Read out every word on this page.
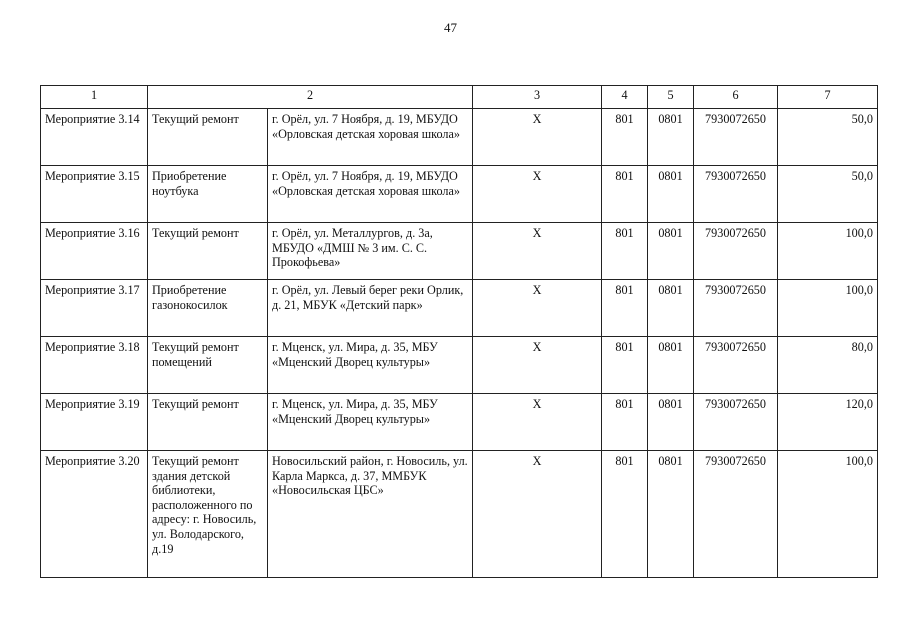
47
1	2		3	4	5	6	7
Мероприятие 3.14	Текущий ремонт	г. Орёл, ул. 7 Ноября, д. 19, МБУДО «Орловская детская хоровая школа»	X	801	0801	7930072650	50,0
Мероприятие 3.15	Приобретение ноутбука	г. Орёл, ул. 7 Ноября, д. 19, МБУДО «Орловская детская хоровая школа»	X	801	0801	7930072650	50,0
Мероприятие 3.16	Текущий ремонт	г. Орёл, ул. Металлургов, д. 3а, МБУДО «ДМШ № 3 им. С. С. Прокофьева»	X	801	0801	7930072650	100,0
Мероприятие 3.17	Приобретение газонокосилок	г. Орёл, ул. Левый берег реки Орлик, д. 21, МБУК «Детский парк»	X	801	0801	7930072650	100,0
Мероприятие 3.18	Текущий ремонт помещений	г. Мценск, ул. Мира, д. 35, МБУ «Мценский Дворец культуры»	X	801	0801	7930072650	80,0
Мероприятие 3.19	Текущий ремонт	г. Мценск, ул. Мира, д. 35, МБУ «Мценский Дворец культуры»	X	801	0801	7930072650	120,0
Мероприятие 3.20	Текущий ремонт здания детской библиотеки, расположенного по адресу: г. Новосиль, ул. Володарского, д.19	Новосильский район, г. Новосиль, ул. Карла Маркса, д. 37, ММБУК «Новосильская ЦБС»	X	801	0801	7930072650	100,0
